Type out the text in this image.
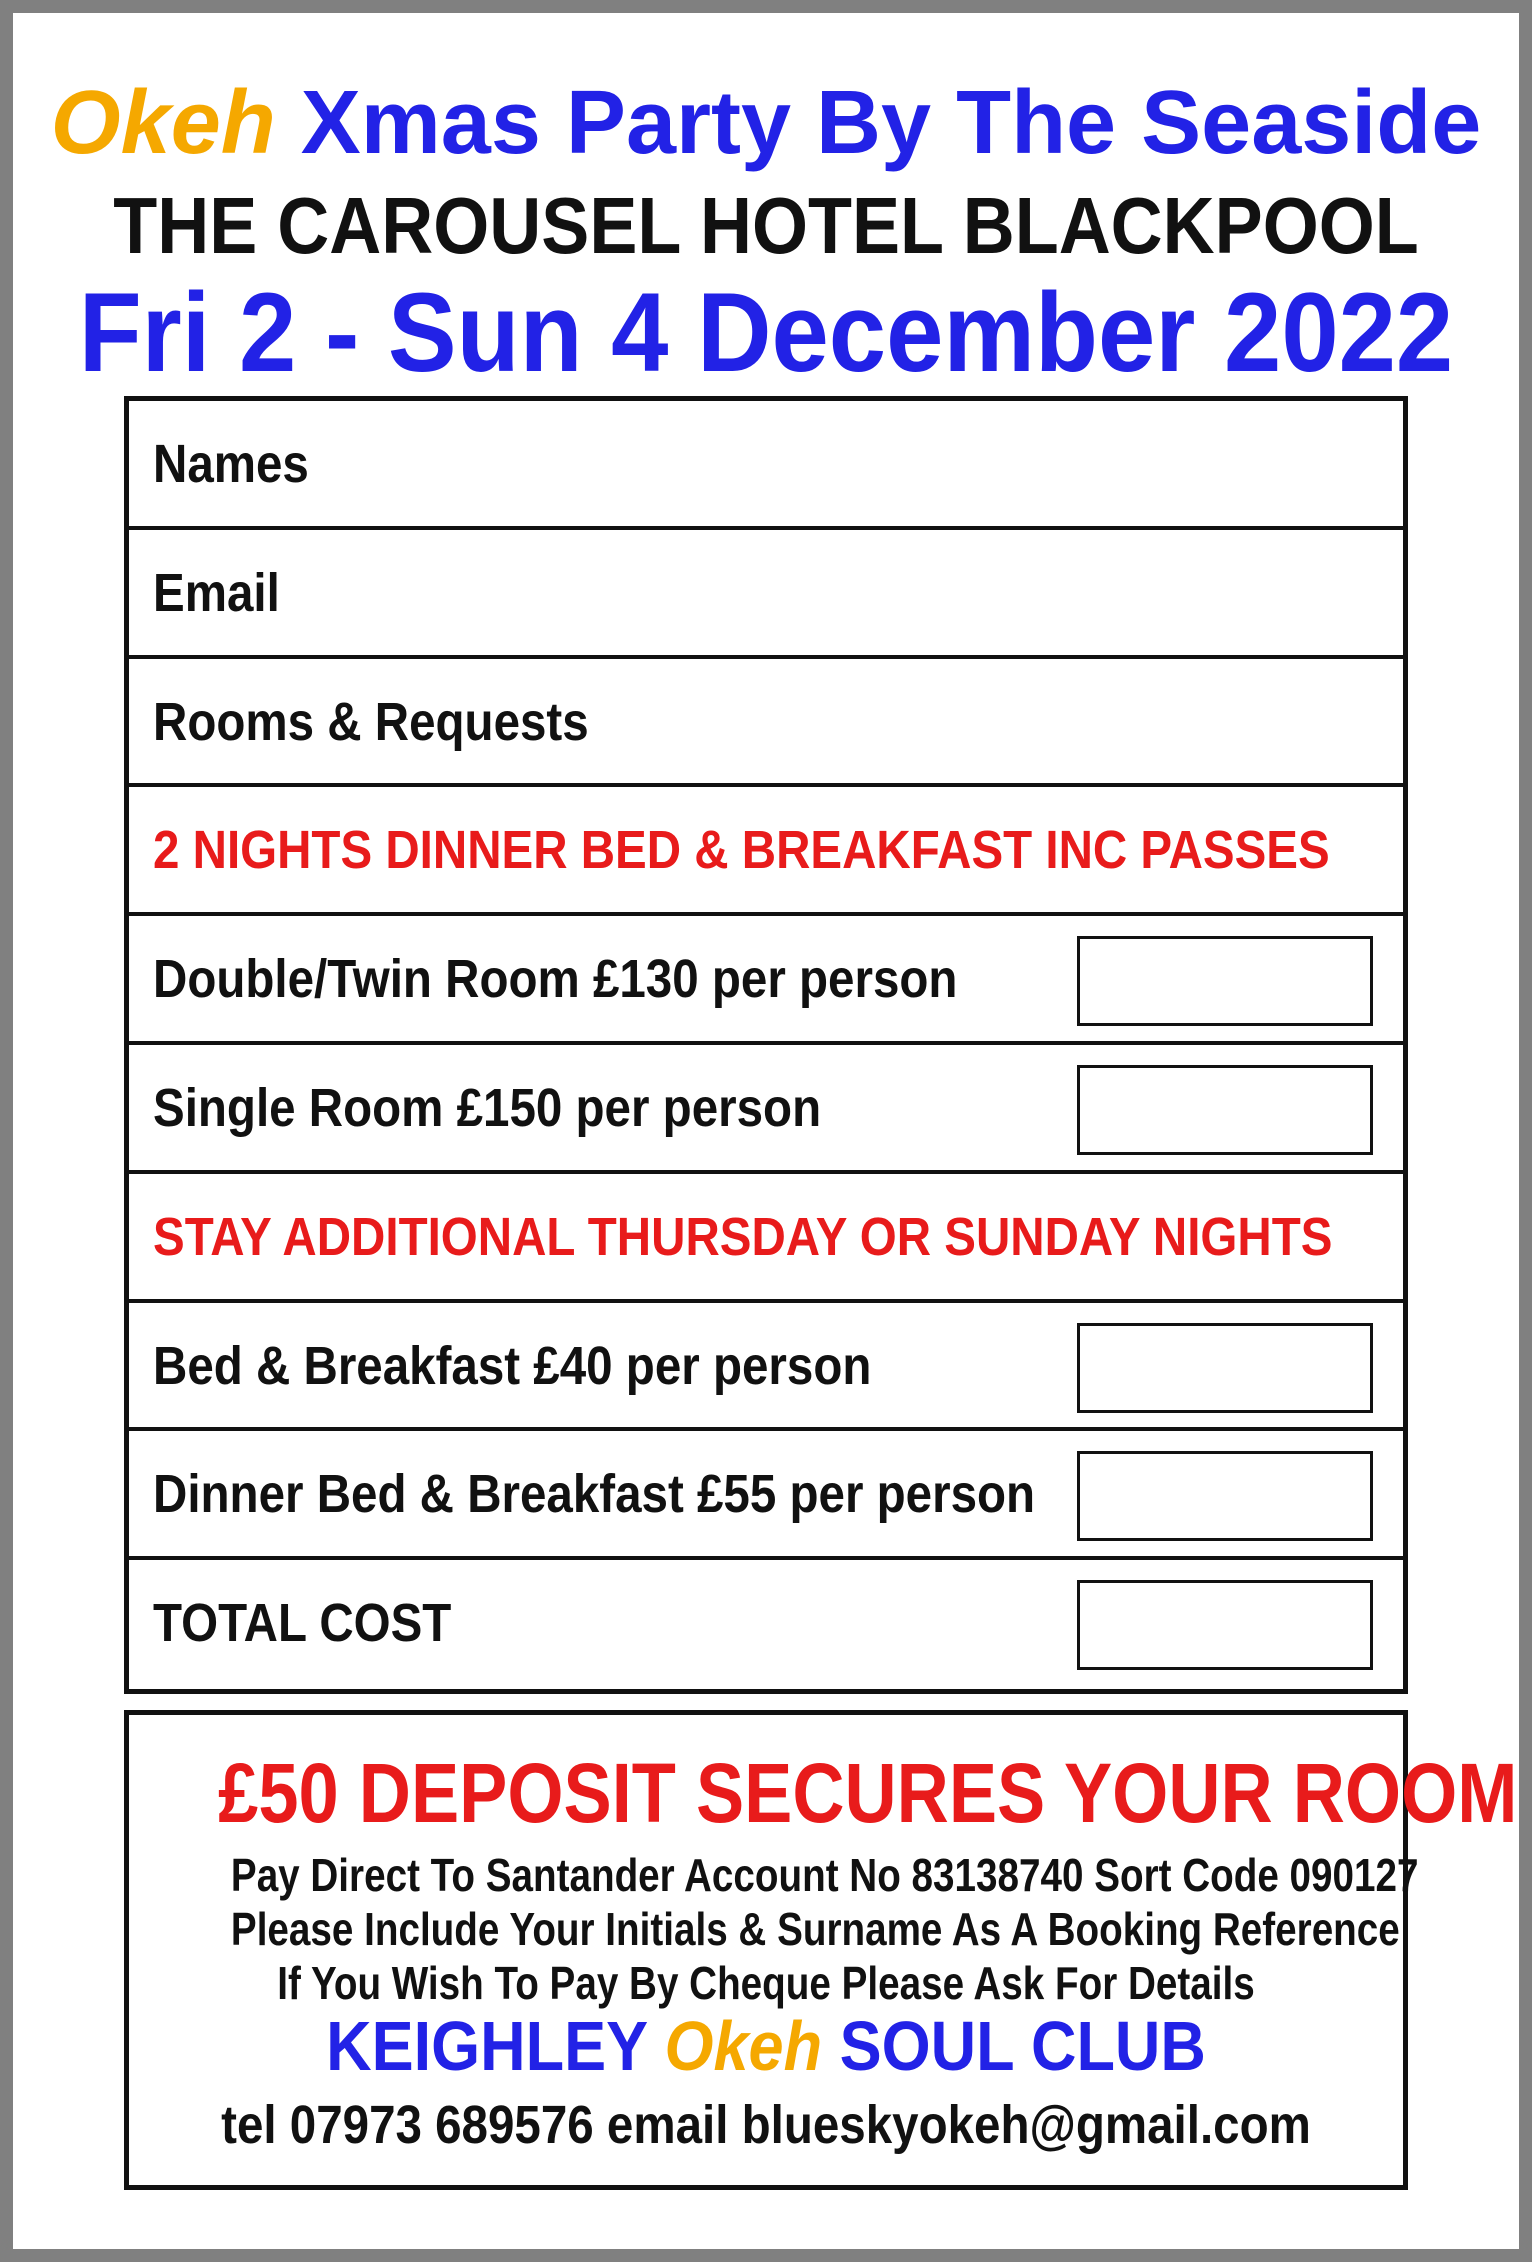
Okeh Xmas Party By The Seaside
THE CAROUSEL HOTEL BLACKPOOL
Fri 2 - Sun 4 December 2022
Names
Email
Rooms & Requests
2 NIGHTS DINNER BED & BREAKFAST INC PASSES
Double/Twin Room £130 per person
Single Room £150 per person
STAY ADDITIONAL THURSDAY OR SUNDAY NIGHTS
Bed & Breakfast £40 per person
Dinner Bed & Breakfast £55 per person
TOTAL COST
£50 DEPOSIT SECURES YOUR ROOM
Pay Direct To Santander Account No 83138740 Sort Code 090127
Please Include Your Initials & Surname As A Booking Reference
If You Wish To Pay By Cheque Please Ask For Details
KEIGHLEY Okeh SOUL CLUB
tel 07973 689576 email blueskyokeh@gmail.com
